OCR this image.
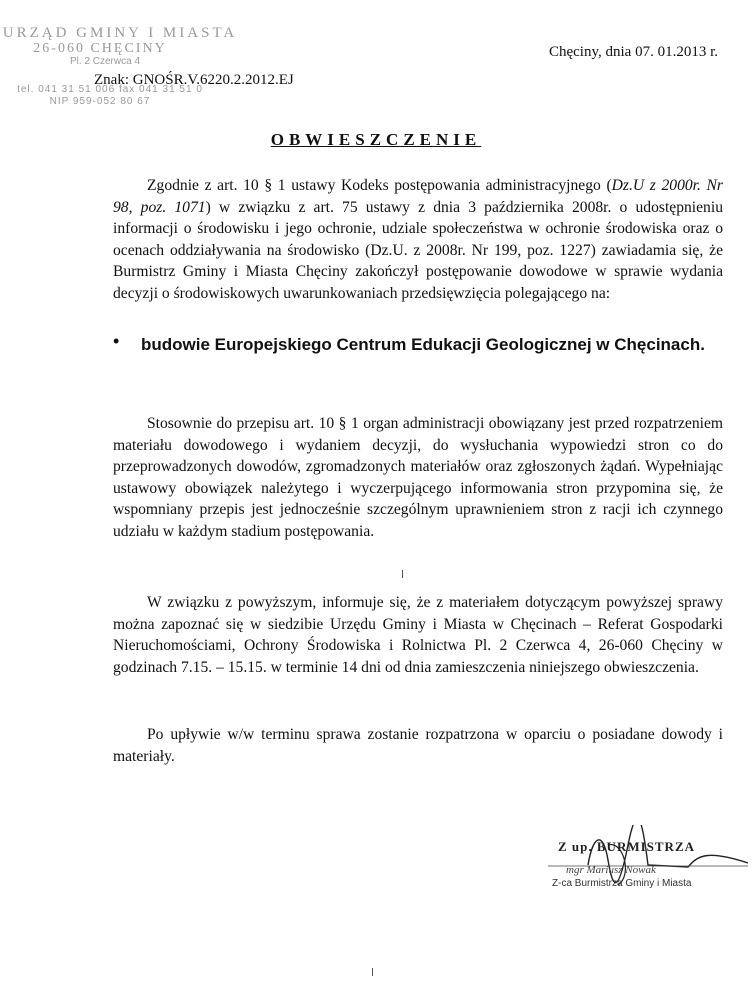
URZĄD GMINY I MIASTA
26-060 CHĘCINY
Pl. 2 Czerwca 4
tel. 041 31 51 006 fax 041 31 51 0
NIP 959-052 80 67
Znak: GNOŚR.V.6220.2.2012.EJ
Chęciny, dnia 07. 01.2013 r.
OBWIESZCZENIE
Zgodnie z art. 10 § 1 ustawy Kodeks postępowania administracyjnego (Dz.U z 2000r. Nr 98, poz. 1071) w związku z art. 75 ustawy z dnia 3 października 2008r. o udostępnieniu informacji o środowisku i jego ochronie, udziale społeczeństwa w ochronie środowiska oraz o ocenach oddziaływania na środowisko (Dz.U. z 2008r. Nr 199, poz. 1227) zawiadamia się, że Burmistrz Gminy i Miasta Chęciny zakończył postępowanie dowodowe w sprawie wydania decyzji o środowiskowych uwarunkowaniach przedsięwzięcia polegającego na:
• budowie Europejskiego Centrum Edukacji Geologicznej w Chęcinach.
Stosownie do przepisu art. 10 § 1 organ administracji obowiązany jest przed rozpatrzeniem materiału dowodowego i wydaniem decyzji, do wysłuchania wypowiedzi stron co do przeprowadzonych dowodów, zgromadzonych materiałów oraz zgłoszonych żądań. Wypełniając ustawowy obowiązek należytego i wyczerpującego informowania stron przypomina się, że wspomniany przepis jest jednocześnie szczególnym uprawnieniem stron z racji ich czynnego udziału w każdym stadium postępowania.
W związku z powyższym, informuje się, że z materiałem dotyczącym powyższej sprawy można zapoznać się w siedzibie Urzędu Gminy i Miasta w Chęcinach – Referat Gospodarki Nieruchomościami, Ochrony Środowiska i Rolnictwa Pl. 2 Czerwca 4, 26-060 Chęciny w godzinach 7.15. – 15.15. w terminie 14 dni od dnia zamieszczenia niniejszego obwieszczenia.
Po upływie w/w terminu sprawa zostanie rozpatrzona w oparciu o posiadane dowody i materiały.
Z up. BURMISTRZA
mgr Mariusz Nowak
Z-ca Burmistrza Gminy i Miasta
